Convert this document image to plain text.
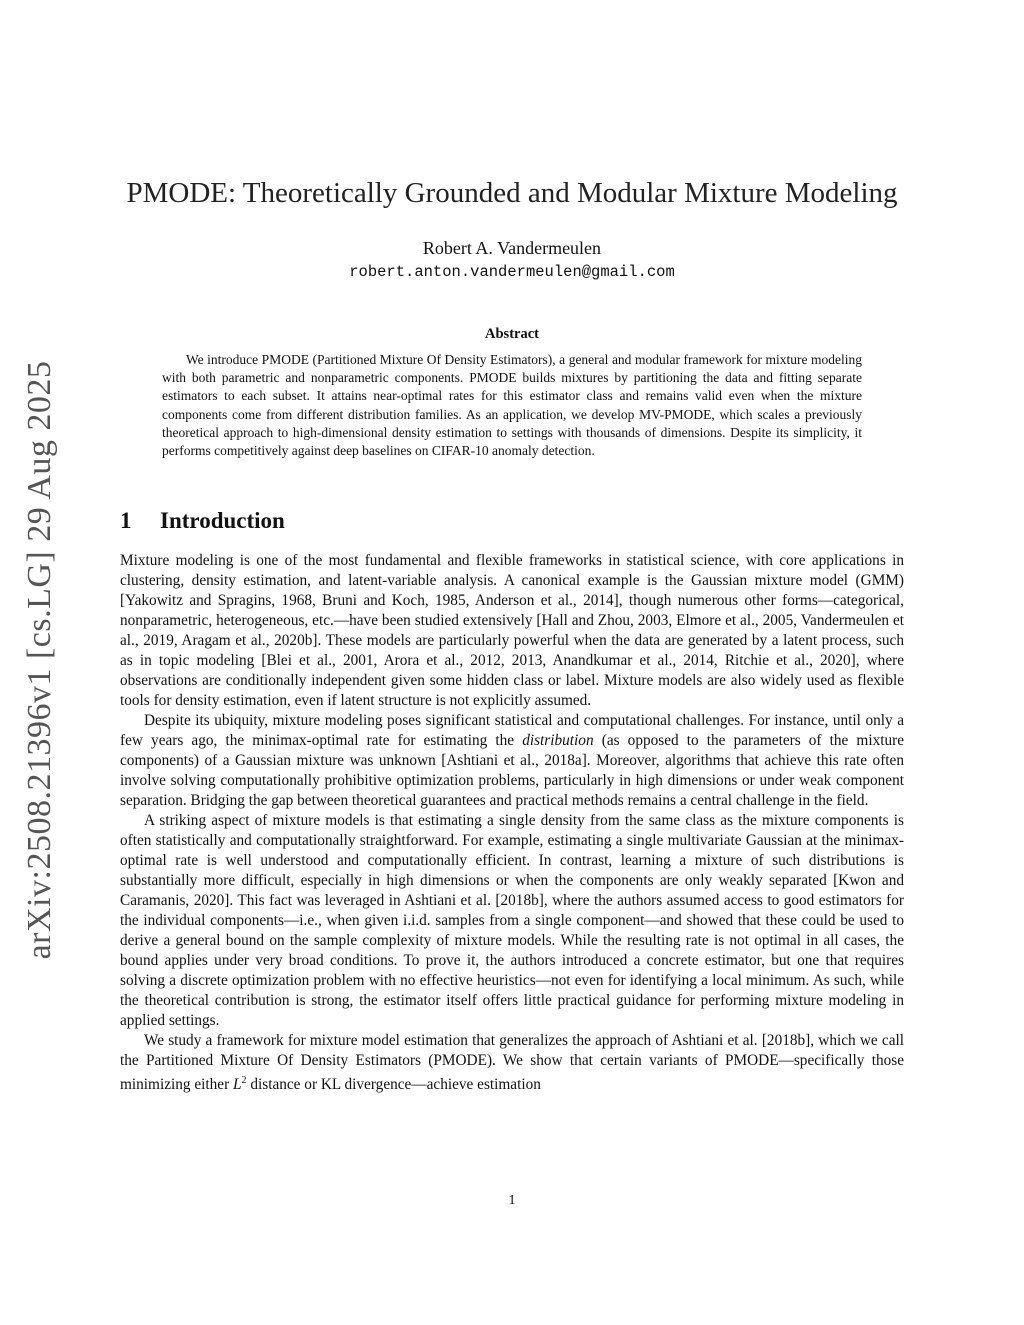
arXiv:2508.21396v1 [cs.LG] 29 Aug 2025
PMODE: Theoretically Grounded and Modular Mixture Modeling
Robert A. Vandermeulen
robert.anton.vandermeulen@gmail.com
Abstract

We introduce PMODE (Partitioned Mixture Of Density Estimators), a general and modular framework for mixture modeling with both parametric and nonparametric components. PMODE builds mixtures by partitioning the data and fitting separate estimators to each subset. It attains near-optimal rates for this estimator class and remains valid even when the mixture components come from different distribution families. As an application, we develop MV-PMODE, which scales a previously theoretical approach to high-dimensional density estimation to settings with thousands of dimensions. Despite its simplicity, it performs competitively against deep baselines on CIFAR-10 anomaly detection.

1 Introduction

Mixture modeling is one of the most fundamental and flexible frameworks in statistical science, with core applications in clustering, density estimation, and latent-variable analysis. A canonical example is the Gaussian mixture model (GMM) [Yakowitz and Spragins, 1968, Bruni and Koch, 1985, Anderson et al., 2014], though numerous other forms—categorical, nonparametric, heterogeneous, etc.—have been studied extensively [Hall and Zhou, 2003, Elmore et al., 2005, Vandermeulen et al., 2019, Aragam et al., 2020b]. These models are particularly powerful when the data are generated by a latent process, such as in topic modeling [Blei et al., 2001, Arora et al., 2012, 2013, Anandkumar et al., 2014, Ritchie et al., 2020], where observations are conditionally independent given some hidden class or label. Mixture models are also widely used as flexible tools for density estimation, even if latent structure is not explicitly assumed.

Despite its ubiquity, mixture modeling poses significant statistical and computational challenges. For instance, until only a few years ago, the minimax-optimal rate for estimating the distribution (as opposed to the parameters of the mixture components) of a Gaussian mixture was unknown [Ashtiani et al., 2018a]. Moreover, algorithms that achieve this rate often involve solving computationally prohibitive optimization problems, particularly in high dimensions or under weak component separation. Bridging the gap between theoretical guarantees and practical methods remains a central challenge in the field.

A striking aspect of mixture models is that estimating a single density from the same class as the mixture components is often statistically and computationally straightforward. For example, estimating a single multivariate Gaussian at the minimax-optimal rate is well understood and computationally efficient. In contrast, learning a mixture of such distributions is substantially more difficult, especially in high dimensions or when the components are only weakly separated [Kwon and Caramanis, 2020]. This fact was leveraged in Ashtiani et al. [2018b], where the authors assumed access to good estimators for the individual components—i.e., when given i.i.d. samples from a single component—and showed that these could be used to derive a general bound on the sample complexity of mixture models. While the resulting rate is not optimal in all cases, the bound applies under very broad conditions. To prove it, the authors introduced a concrete estimator, but one that requires solving a discrete optimization problem with no effective heuristics—not even for identifying a local minimum. As such, while the theoretical contribution is strong, the estimator itself offers little practical guidance for performing mixture modeling in applied settings.

We study a framework for mixture model estimation that generalizes the approach of Ashtiani et al. [2018b], which we call the Partitioned Mixture Of Density Estimators (PMODE). We show that certain variants of PMODE—specifically those minimizing either $L^2$ distance or KL divergence—achieve estimation

1
